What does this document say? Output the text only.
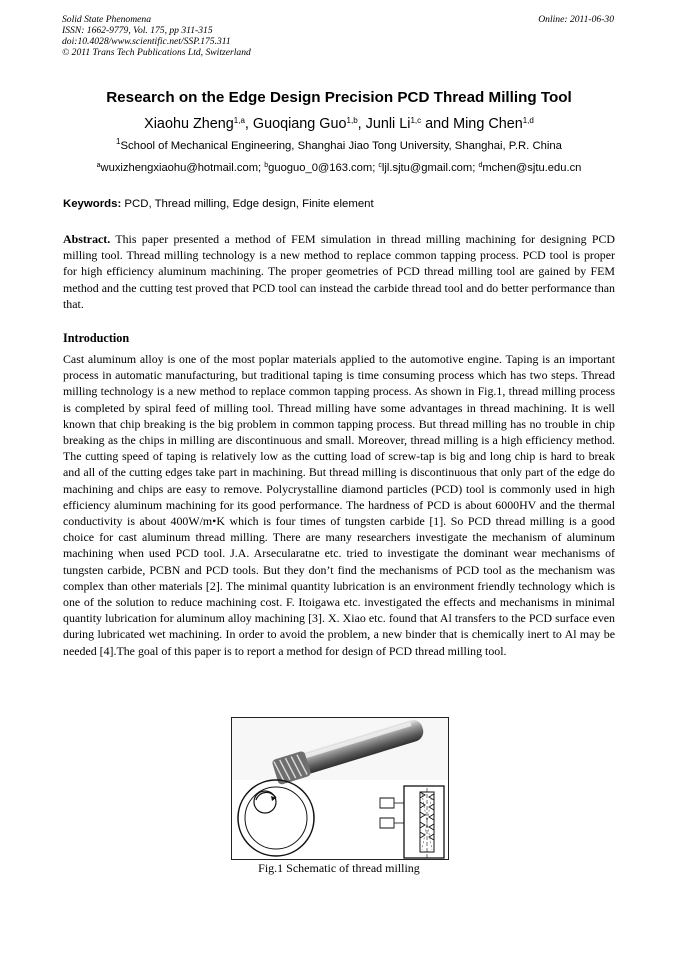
Solid State Phenomena
ISSN: 1662-9779, Vol. 175, pp 311-315
doi:10.4028/www.scientific.net/SSP.175.311
© 2011 Trans Tech Publications Ltd, Switzerland
Online: 2011-06-30
Research on the Edge Design Precision PCD Thread Milling Tool
Xiaohu Zheng$^{1,a}$, Guoqiang Guo$^{1,b}$, Junli Li$^{1,c}$ and Ming Chen$^{1,d}$
$^1$School of Mechanical Engineering, Shanghai Jiao Tong University, Shanghai, P.R. China
$^a$wuxizhengxiaohu@hotmail.com; $^b$guoguo_0@163.com; $^c$ljl.sjtu@gmail.com; $^d$mchen@sjtu.edu.cn
Keywords: PCD, Thread milling, Edge design, Finite element
Abstract. This paper presented a method of FEM simulation in thread milling machining for designing PCD milling tool. Thread milling technology is a new method to replace common tapping process. PCD tool is proper for high efficiency aluminum machining. The proper geometries of PCD thread milling tool are gained by FEM method and the cutting test proved that PCD tool can instead the carbide thread tool and do better performance than that.
Introduction
Cast aluminum alloy is one of the most poplar materials applied to the automotive engine. Taping is an important process in automatic manufacturing, but traditional taping is time consuming process which has two steps. Thread milling technology is a new method to replace common tapping process. As shown in Fig.1, thread milling process is completed by spiral feed of milling tool. Thread milling have some advantages in thread machining. It is well known that chip breaking is the big problem in common tapping process. But thread milling has no trouble in chip breaking as the chips in milling are discontinuous and small. Moreover, thread milling is a high efficiency method. The cutting speed of taping is relatively low as the cutting load of screw-tap is big and long chip is hard to break and all of the cutting edges take part in machining. But thread milling is discontinuous that only part of the edge do machining and chips are easy to remove. Polycrystalline diamond particles (PCD) tool is commonly used in high efficiency aluminum machining for its good performance. The hardness of PCD is about 6000HV and the thermal conductivity is about 400W/m•K which is four times of tungsten carbide [1]. So PCD thread milling is a good choice for cast aluminum thread milling. There are many researchers investigate the mechanism of aluminum machining when used PCD tool. J.A. Arsecularatne etc. tried to investigate the dominant wear mechanisms of tungsten carbide, PCBN and PCD tools. But they don’t find the mechanisms of PCD tool as the mechanism was complex than other materials [2]. The minimal quantity lubrication is an environment friendly technology which is one of the solution to reduce machining cost. F. Itoigawa etc. investigated the effects and mechanisms in minimal quantity lubrication for aluminum alloy machining [3]. X. Xiao etc. found that Al transfers to the PCD surface even during lubricated wet machining. In order to avoid the problem, a new binder that is chemically inert to Al may be needed [4].The goal of this paper is to report a method for design of PCD thread milling tool.
Fig.1 Schematic of thread milling
